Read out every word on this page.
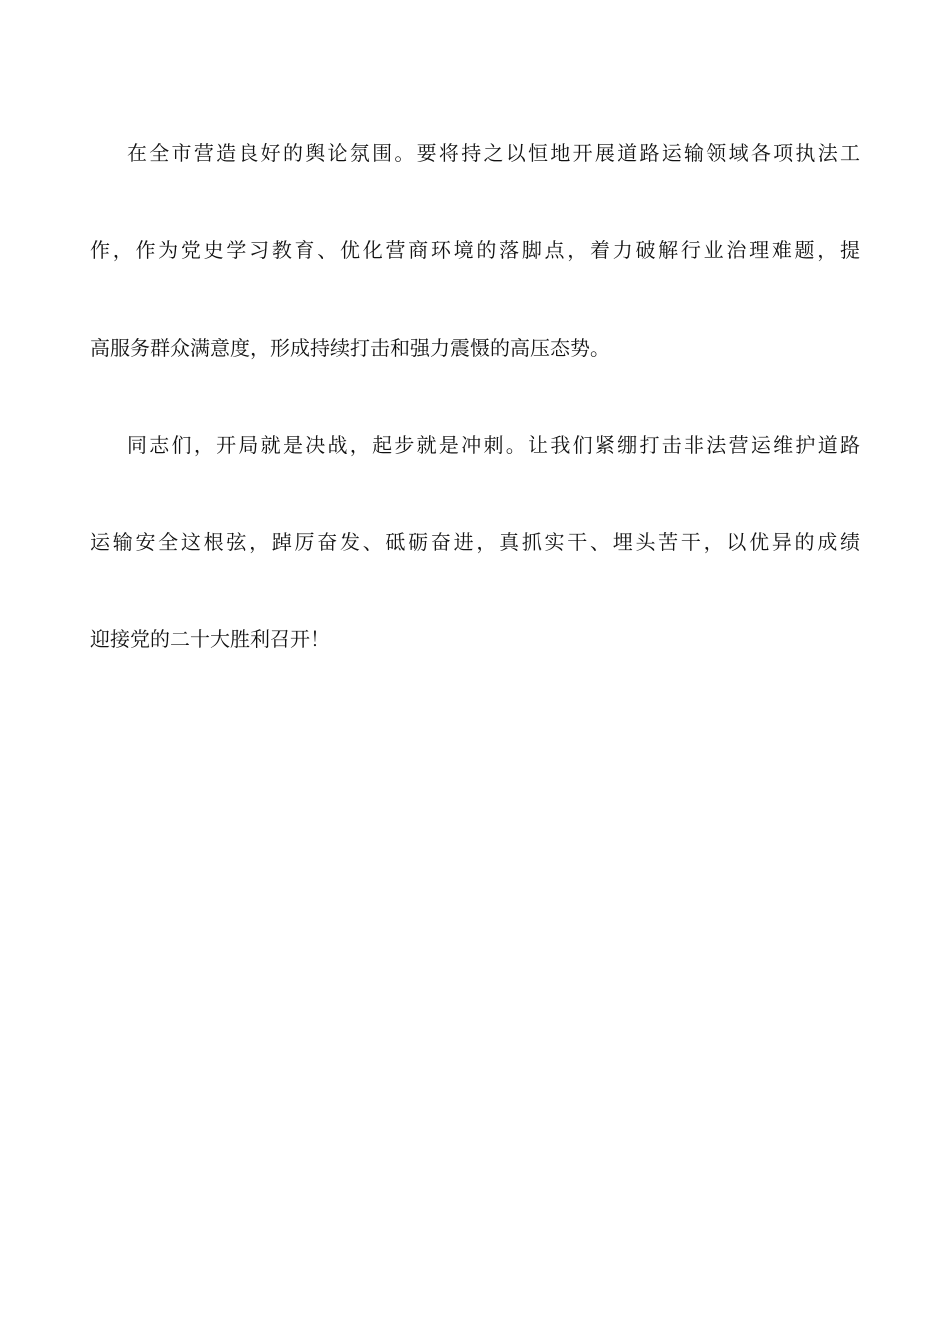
在全市营造良好的舆论氛围。要将持之以恒地开展道路运输领域各项执法工
作，作为党史学习教育、优化营商环境的落脚点，着力破解行业治理难题，提
高服务群众满意度，形成持续打击和强力震慑的高压态势。
同志们，开局就是决战，起步就是冲刺。让我们紧绷打击非法营运维护道路
运输安全这根弦，踔厉奋发、砥砺奋进，真抓实干、埋头苦干，以优异的成绩
迎接党的二十大胜利召开！
